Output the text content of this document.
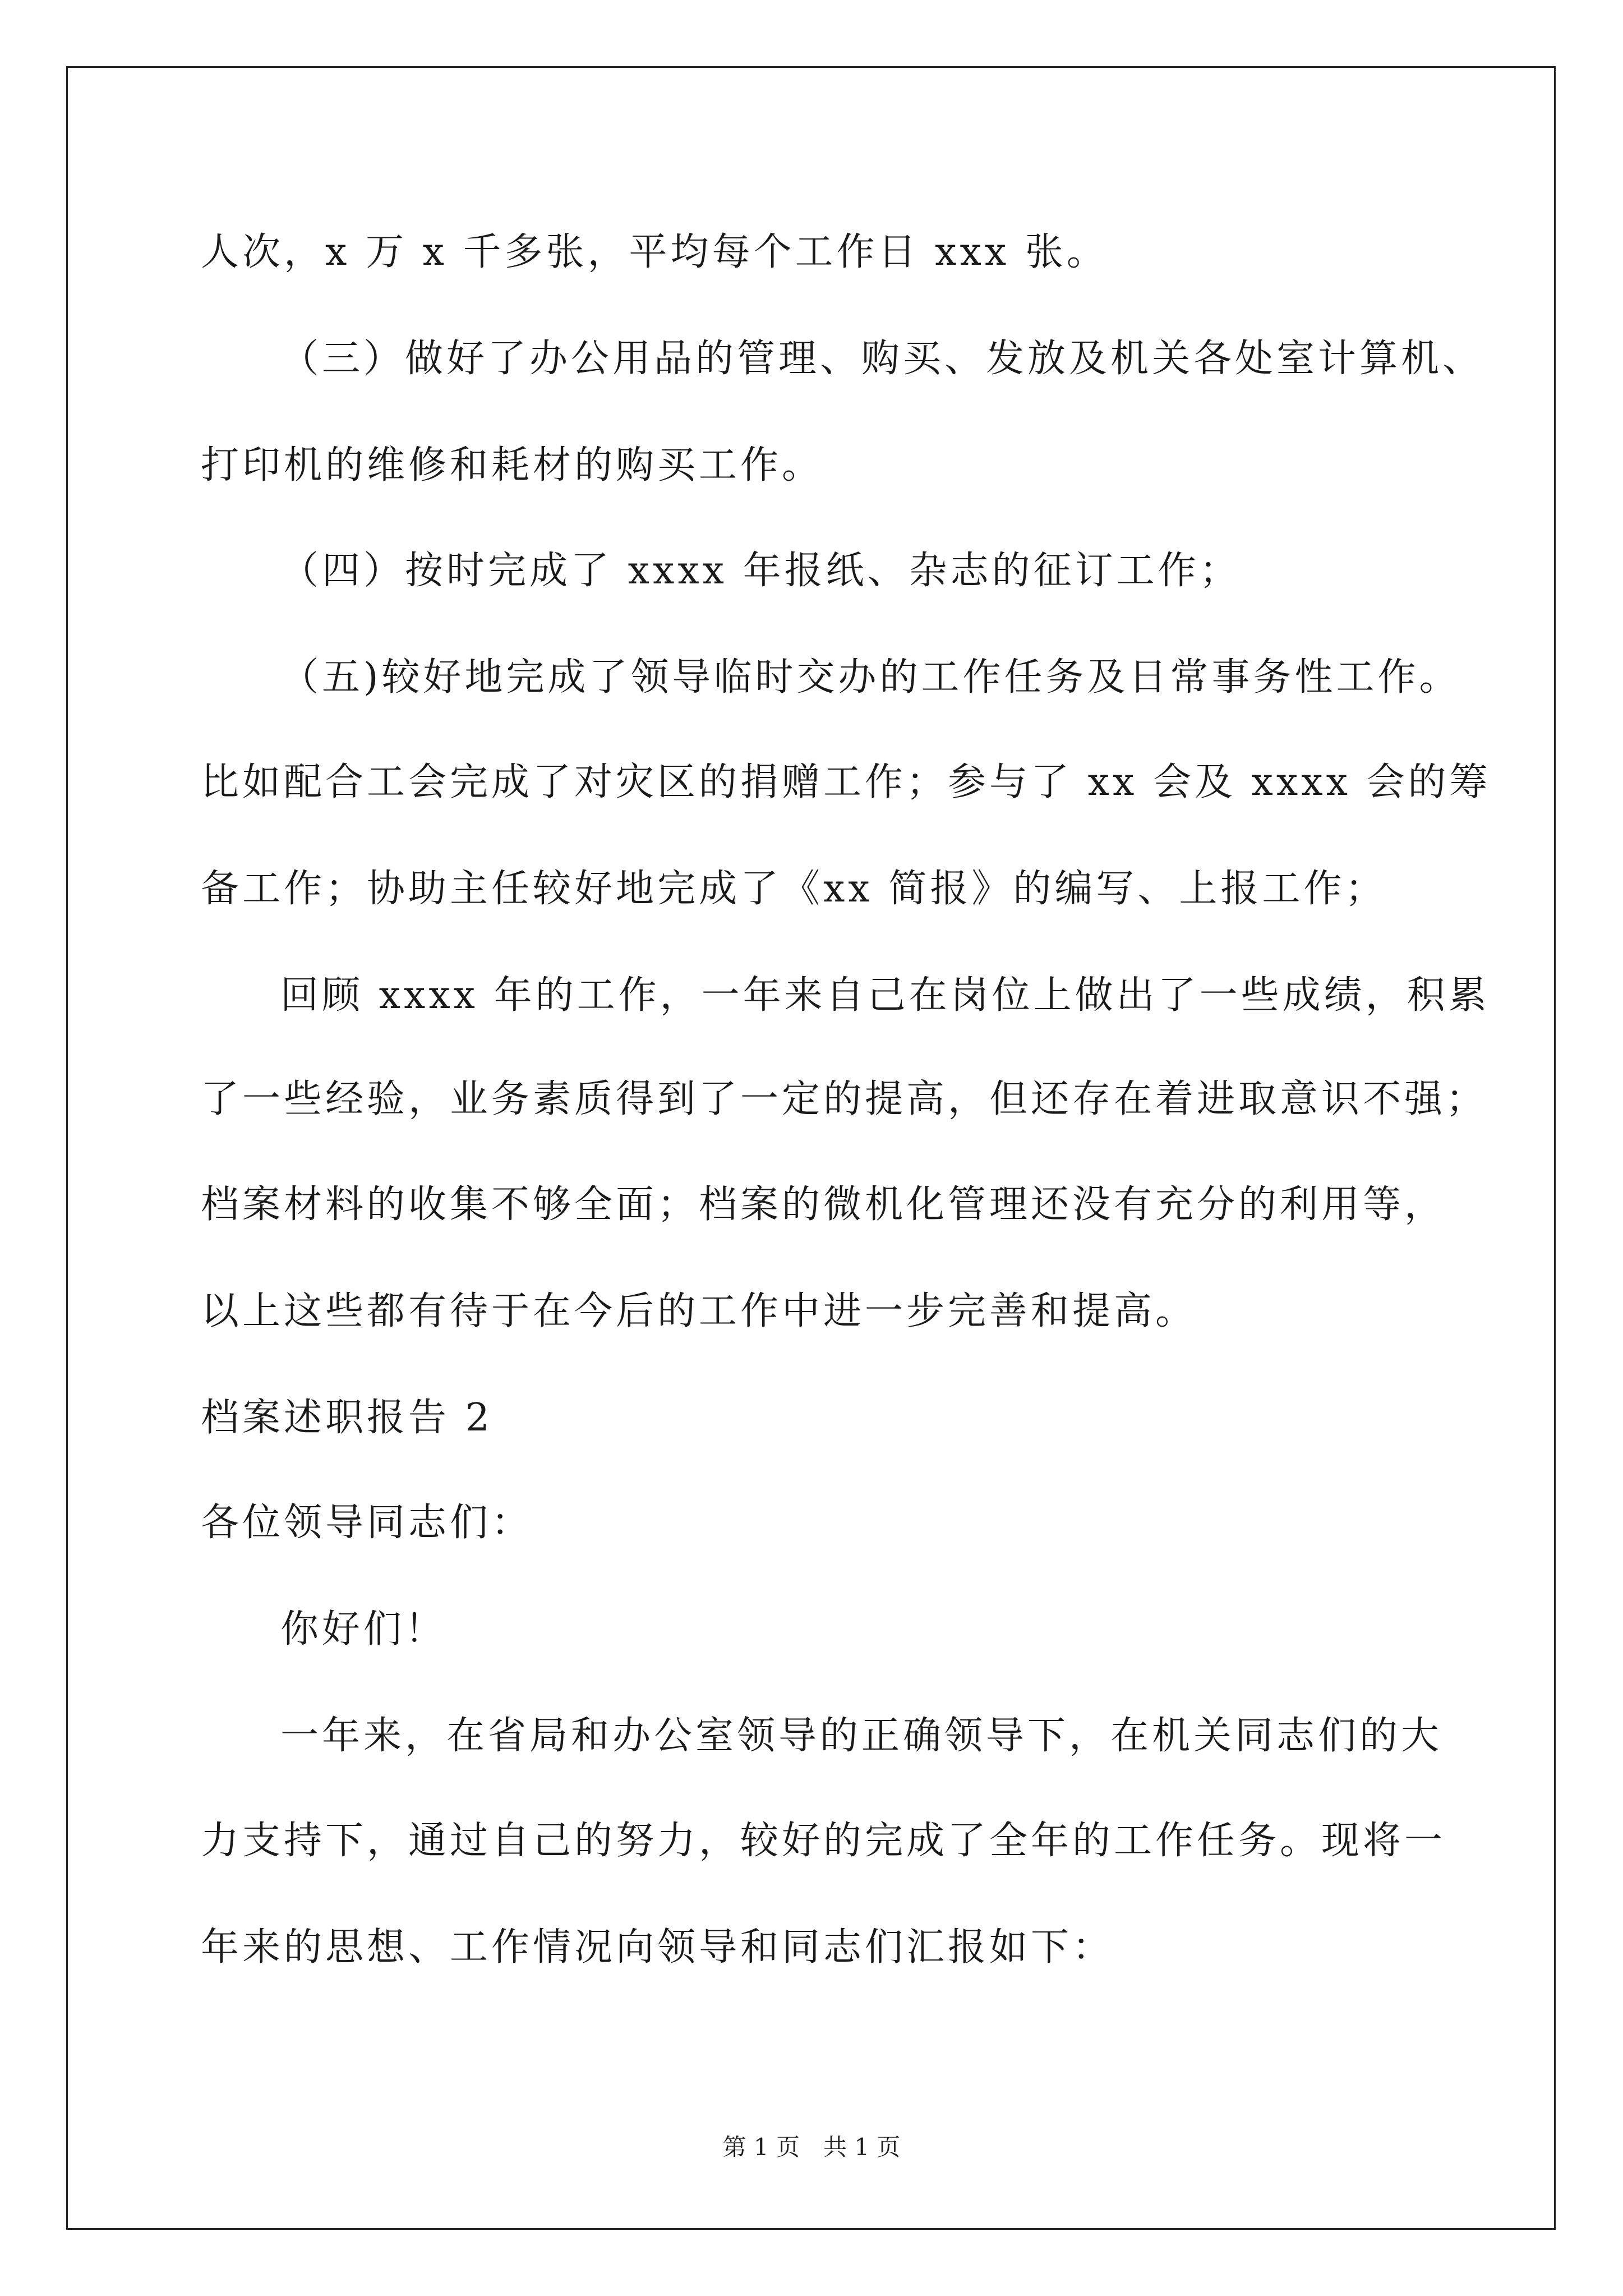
人次，x 万 x 千多张，平均每个工作日 xxx 张。
（三）做好了办公用品的管理、购买、发放及机关各处室计算机、
打印机的维修和耗材的购买工作。
（四）按时完成了 xxxx 年报纸、杂志的征订工作；
（五)较好地完成了领导临时交办的工作任务及日常事务性工作。
比如配合工会完成了对灾区的捐赠工作；参与了 xx 会及 xxxx 会的筹
备工作；协助主任较好地完成了《xx 简报》的编写、上报工作；
回顾 xxxx 年的工作，一年来自己在岗位上做出了一些成绩，积累
了一些经验，业务素质得到了一定的提高，但还存在着进取意识不强；
档案材料的收集不够全面；档案的微机化管理还没有充分的利用等，
以上这些都有待于在今后的工作中进一步完善和提高。
档案述职报告 2
各位领导同志们：
你好们！
一年来，在省局和办公室领导的正确领导下，在机关同志们的大
力支持下，通过自己的努力，较好的完成了全年的工作任务。现将一
年来的思想、工作情况向领导和同志们汇报如下：
第 1 页　共 1 页
